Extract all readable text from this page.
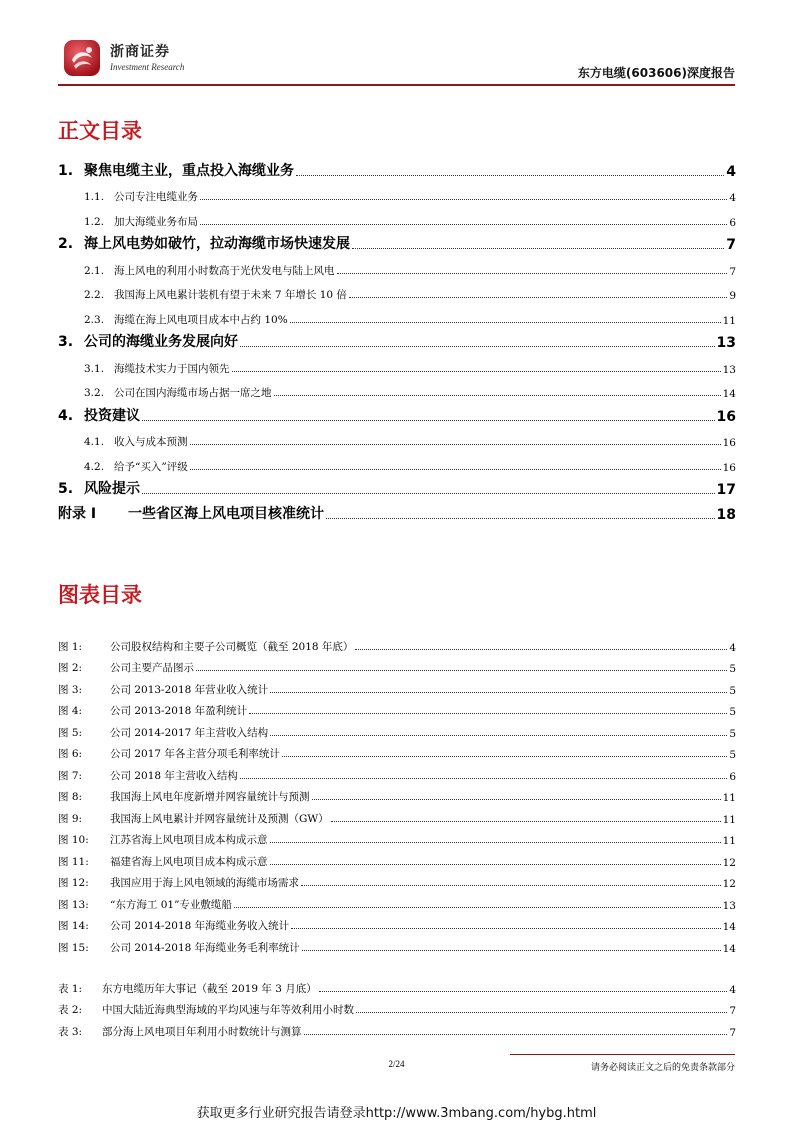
浙商证券
Investment Research	东方电缆(603606)深度报告
正文目录
1. 聚焦电缆主业，重点投入海缆业务	4
1.1. 公司专注电缆业务	4
1.2. 加大海缆业务布局	6
2. 海上风电势如破竹，拉动海缆市场快速发展	7
2.1. 海上风电的利用小时数高于光伏发电与陆上风电	7
2.2. 我国海上风电累计装机有望于未来 7 年增长 10 倍	9
2.3. 海缆在海上风电项目成本中占约 10%	11
3. 公司的海缆业务发展向好	13
3.1. 海缆技术实力于国内领先	13
3.2. 公司在国内海缆市场占据一席之地	14
4. 投资建议	16
4.1. 收入与成本预测	16
4.2. 给予“买入”评级	16
5. 风险提示	17
附录 I 一些省区海上风电项目核准统计	18
图表目录
图 1:	公司股权结构和主要子公司概览（截至 2018 年底）	4
图 2:	公司主要产品图示	5
图 3:	公司 2013-2018 年营业收入统计	5
图 4:	公司 2013-2018 年盈利统计	5
图 5:	公司 2014-2017 年主营收入结构	5
图 6:	公司 2017 年各主营分项毛利率统计	5
图 7:	公司 2018 年主营收入结构	6
图 8:	我国海上风电年度新增并网容量统计与预测	11
图 9:	我国海上风电累计并网容量统计及预测（GW）	11
图 10: 江苏省海上风电项目成本构成示意	11
图 11: 福建省海上风电项目成本构成示意	12
图 12: 我国应用于海上风电领域的海缆市场需求	12
图 13: “东方海工 01”专业敷缆船	13
图 14: 公司 2014-2018 年海缆业务收入统计	14
图 15: 公司 2014-2018 年海缆业务毛利率统计	14
表 1: 东方电缆历年大事记（截至 2019 年 3 月底）	4
表 2: 中国大陆近海典型海域的平均风速与年等效利用小时数	7
表 3: 部分海上风电项目年利用小时数统计与测算	7
2/24	请务必阅读正文之后的免责条款部分
获取更多行业研究报告请登录http://www.3mbang.com/hybg.html
